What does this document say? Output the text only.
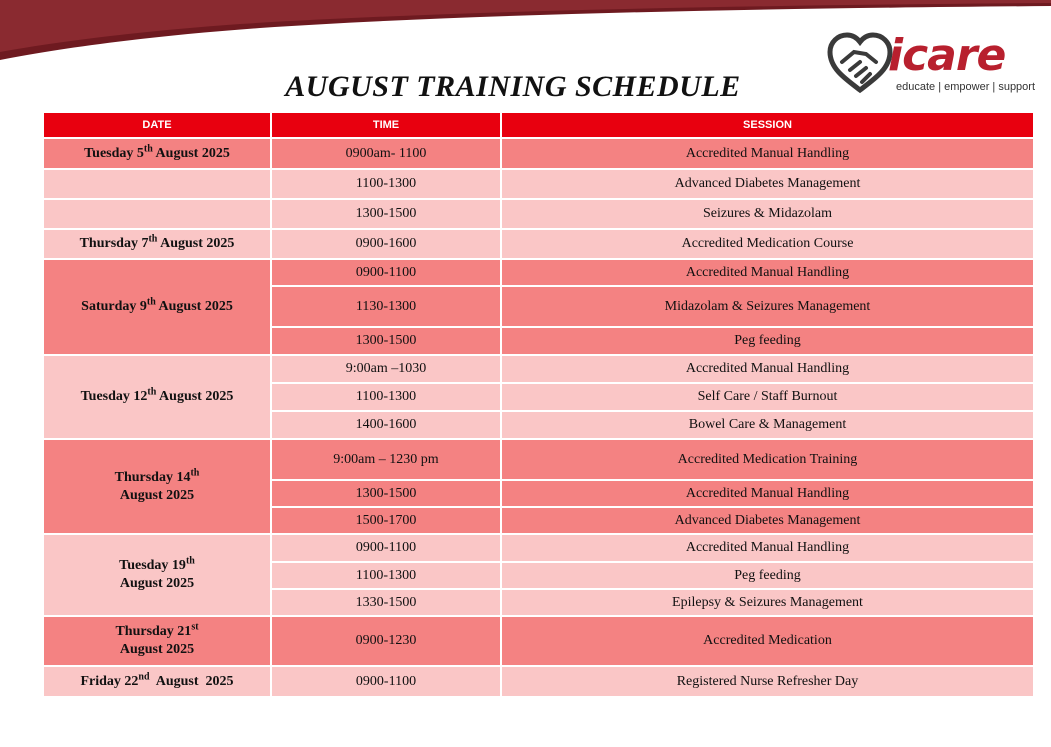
AUGUST TRAINING SCHEDULE
icare
educate | empower | support
DATE	TIME	SESSION
Tuesday 5th August 2025	0900am- 1100	Accredited Manual Handling
	1100-1300	Advanced Diabetes Management
	1300-1500	Seizures & Midazolam
Thursday 7th August 2025	0900-1600	Accredited Medication Course
Saturday 9th August 2025	0900-1100	Accredited Manual Handling
	1130-1300	Midazolam & Seizures Management
	1300-1500	Peg feeding
Tuesday 12th August 2025	9:00am –1030	Accredited Manual Handling
	1100-1300	Self Care / Staff Burnout
	1400-1600	Bowel Care & Management
Thursday 14th
August 2025	9:00am – 1230 pm	Accredited Medication Training
	1300-1500	Accredited Manual Handling
	1500-1700	Advanced Diabetes Management
Tuesday 19th
August 2025	0900-1100	Accredited Manual Handling
	1100-1300	Peg feeding
	1330-1500	Epilepsy & Seizures Management
Thursday 21st
August 2025	0900-1230	Accredited Medication
Friday 22nd  August  2025	0900-1100	Registered Nurse Refresher Day
